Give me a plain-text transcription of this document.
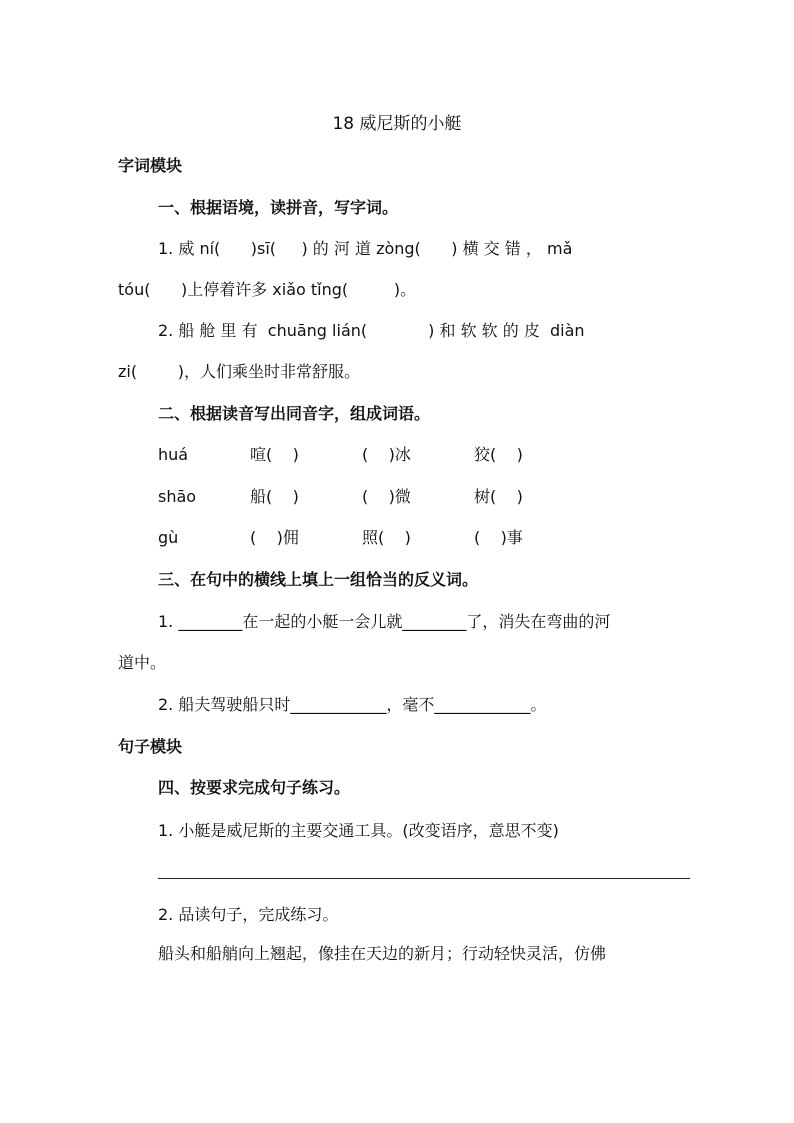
18 威尼斯的小艇
字词模块
一、根据语境，读拼音，写字词。
1. 威 ní(      )sī(     ) 的 河 道 zòng(      ) 横 交 错 ， mǎ
tóu(      )上停着许多 xiǎo tǐng(         )。
2. 船 舱 里 有  chuāng lián(            ) 和 软 软 的 皮  diàn
zi(        )，人们乘坐时非常舒服。
二、根据读音写出同音字，组成词语。
huá	喧(    )	(    )冰	狡(    )
shāo	船(    )	(    )微	树(    )
gù	(    )佣	照(    )	(    )事
三、在句中的横线上填上一组恰当的反义词。
1. ________在一起的小艇一会儿就________了，消失在弯曲的河
道中。
2. 船夫驾驶船只时____________，毫不____________。
句子模块
四、按要求完成句子练习。
1. 小艇是威尼斯的主要交通工具。(改变语序，意思不变)
2. 品读句子，完成练习。
船头和船艄向上翘起，像挂在天边的新月；行动轻快灵活，仿佛
